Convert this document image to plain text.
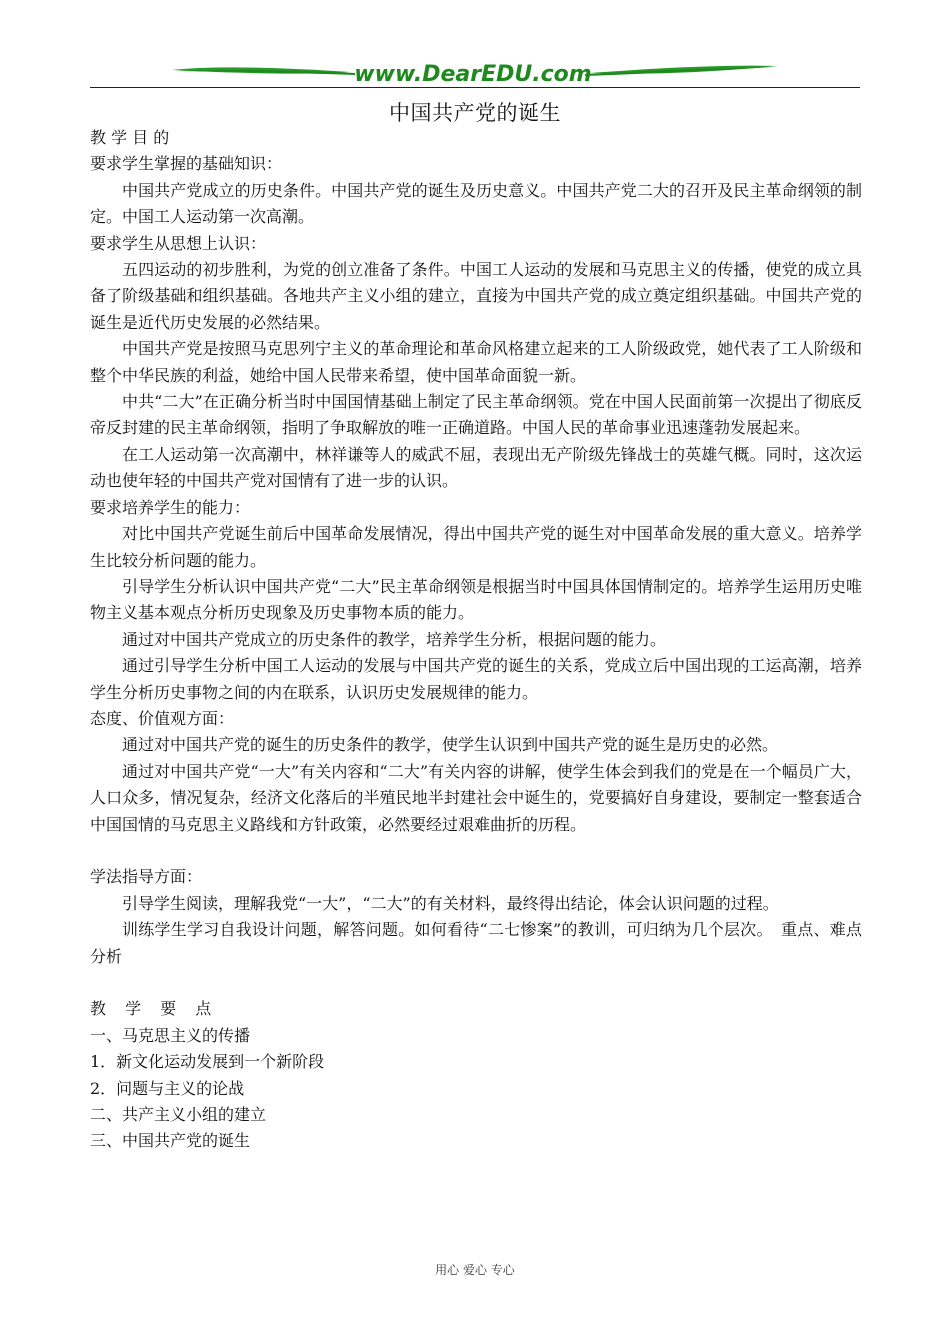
www.DearEDU.com
中国共产党的诞生

教 学 目 的

要求学生掌握的基础知识：

中国共产党成立的历史条件。中国共产党的诞生及历史意义。中国共产党二大的召开及民主革命纲领的制定。中国工人运动第一次高潮。

要求学生从思想上认识：

五四运动的初步胜利，为党的创立准备了条件。中国工人运动的发展和马克思主义的传播，使党的成立具备了阶级基础和组织基础。各地共产主义小组的建立，直接为中国共产党的成立奠定组织基础。中国共产党的诞生是近代历史发展的必然结果。

中国共产党是按照马克思列宁主义的革命理论和革命风格建立起来的工人阶级政党，她代表了工人阶级和整个中华民族的利益，她给中国人民带来希望，使中国革命面貌一新。

中共“二大”在正确分析当时中国国情基础上制定了民主革命纲领。党在中国人民面前第一次提出了彻底反帝反封建的民主革命纲领，指明了争取解放的唯一正确道路。中国人民的革命事业迅速蓬勃发展起来。

在工人运动第一次高潮中，林祥谦等人的威武不屈，表现出无产阶级先锋战士的英雄气概。同时，这次运动也使年轻的中国共产党对国情有了进一步的认识。

要求培养学生的能力：

对比中国共产党诞生前后中国革命发展情况，得出中国共产党的诞生对中国革命发展的重大意义。培养学生比较分析问题的能力。

引导学生分析认识中国共产党“二大”民主革命纲领是根据当时中国具体国情制定的。培养学生运用历史唯物主义基本观点分析历史现象及历史事物本质的能力。

通过对中国共产党成立的历史条件的教学，培养学生分析，根据问题的能力。

通过引导学生分析中国工人运动的发展与中国共产党的诞生的关系，党成立后中国出现的工运高潮，培养学生分析历史事物之间的内在联系，认识历史发展规律的能力。

态度、价值观方面：

通过对中国共产党的诞生的历史条件的教学，使学生认识到中国共产党的诞生是历史的必然。

通过对中国共产党“一大”有关内容和“二大”有关内容的讲解，使学生体会到我们的党是在一个幅员广大，人口众多，情况复杂，经济文化落后的半殖民地半封建社会中诞生的，党要搞好自身建设，要制定一整套适合中国国情的马克思主义路线和方针政策，必然要经过艰难曲折的历程。

学法指导方面：

引导学生阅读，理解我党“一大”，“二大”的有关材料，最终得出结论，体会认识问题的过程。

训练学生学习自我设计问题，解答问题。如何看待“二七惨案”的教训，可归纳为几个层次。　重点、难点分析

教 学 要 点

一、马克思主义的传播

1．新文化运动发展到一个新阶段

2．问题与主义的论战

二、共产主义小组的建立

三、中国共产党的诞生

用心 爱心 专心
